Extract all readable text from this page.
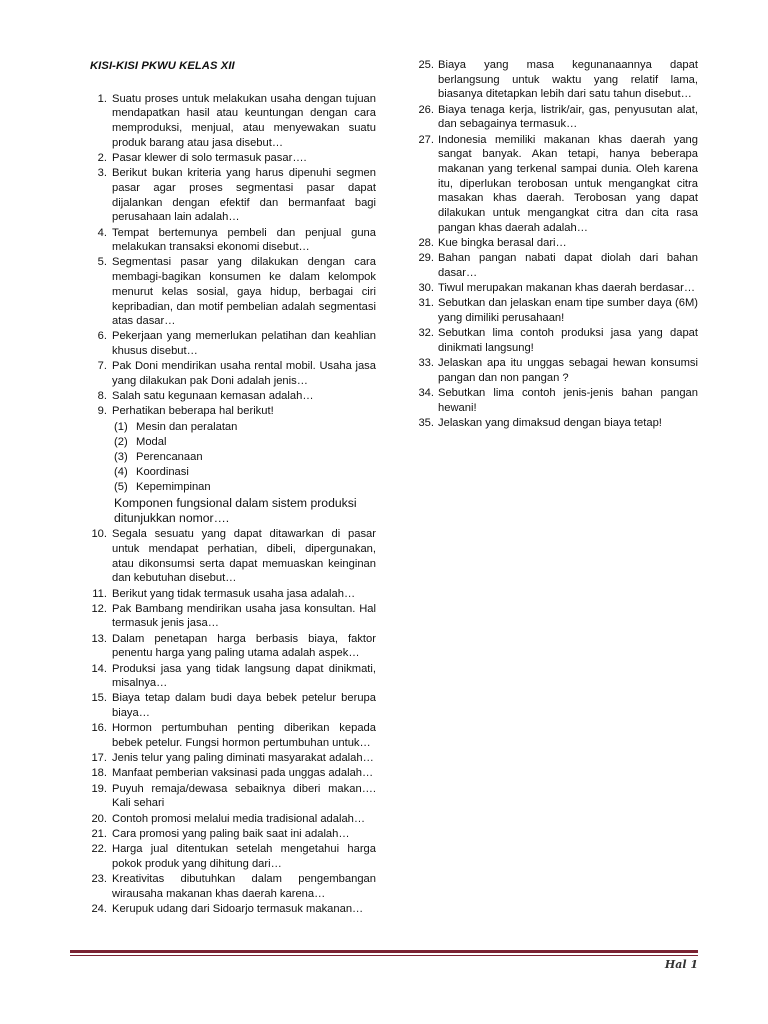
KISI-KISI PKWU KELAS XII
1. Suatu proses untuk melakukan usaha dengan tujuan mendapatkan hasil atau keuntungan dengan cara memproduksi, menjual, atau menyewakan suatu produk barang atau jasa disebut…
2. Pasar klewer di solo termasuk pasar….
3. Berikut bukan kriteria yang harus dipenuhi segmen pasar agar proses segmentasi pasar dapat dijalankan dengan efektif dan bermanfaat bagi perusahaan lain adalah…
4. Tempat bertemunya pembeli dan penjual guna melakukan transaksi ekonomi disebut…
5. Segmentasi pasar yang dilakukan dengan cara membagi-bagikan konsumen ke dalam kelompok menurut kelas sosial, gaya hidup, berbagai ciri kepribadian, dan motif pembelian adalah segmentasi atas dasar…
6. Pekerjaan yang memerlukan pelatihan dan keahlian khusus disebut…
7. Pak Doni mendirikan usaha rental mobil. Usaha jasa yang dilakukan pak Doni adalah jenis…
8. Salah satu kegunaan kemasan adalah…
9. Perhatikan beberapa hal berikut!
(1) Mesin dan peralatan
(2) Modal
(3) Perencanaan
(4) Koordinasi
(5) Kepemimpinan
Komponen fungsional dalam sistem produksi ditunjukkan nomor….
10. Segala sesuatu yang dapat ditawarkan di pasar untuk mendapat perhatian, dibeli, dipergunakan, atau dikonsumsi serta dapat memuaskan keinginan dan kebutuhan disebut…
11. Berikut yang tidak termasuk usaha jasa adalah…
12. Pak Bambang mendirikan usaha jasa konsultan. Hal termasuk jenis jasa…
13. Dalam penetapan harga berbasis biaya, faktor penentu harga yang paling utama adalah aspek…
14. Produksi jasa yang tidak langsung dapat dinikmati, misalnya…
15. Biaya tetap dalam budi daya bebek petelur berupa biaya…
16. Hormon pertumbuhan penting diberikan kepada bebek petelur. Fungsi hormon pertumbuhan untuk…
17. Jenis telur yang paling diminati masyarakat adalah…
18. Manfaat pemberian vaksinasi pada unggas adalah…
19. Puyuh remaja/dewasa sebaiknya diberi makan…. Kali sehari
20. Contoh promosi melalui media tradisional adalah…
21. Cara promosi yang paling baik saat ini adalah…
22. Harga jual ditentukan setelah mengetahui harga pokok produk yang dihitung dari…
23. Kreativitas dibutuhkan dalam pengembangan wirausaha makanan khas daerah karena…
24. Kerupuk udang dari Sidoarjo termasuk makanan…
25. Biaya yang masa kegunanaannya dapat berlangsung untuk waktu yang relatif lama, biasanya ditetapkan lebih dari satu tahun disebut…
26. Biaya tenaga kerja, listrik/air, gas, penyusutan alat, dan sebagainya termasuk…
27. Indonesia memiliki makanan khas daerah yang sangat banyak. Akan tetapi, hanya beberapa makanan yang terkenal sampai dunia. Oleh karena itu, diperlukan terobosan untuk mengangkat citra masakan khas daerah. Terobosan yang dapat dilakukan untuk mengangkat citra dan cita rasa pangan khas daerah adalah…
28. Kue bingka berasal dari…
29. Bahan pangan nabati dapat diolah dari bahan dasar…
30. Tiwul merupakan makanan khas daerah berdasar…
31. Sebutkan dan jelaskan enam tipe sumber daya (6M) yang dimiliki perusahaan!
32. Sebutkan lima contoh produksi jasa yang dapat dinikmati langsung!
33. Jelaskan apa itu unggas sebagai hewan konsumsi pangan dan non pangan ?
34. Sebutkan lima contoh jenis-jenis bahan pangan hewani!
35. Jelaskan yang dimaksud dengan biaya tetap!
Hal 1
